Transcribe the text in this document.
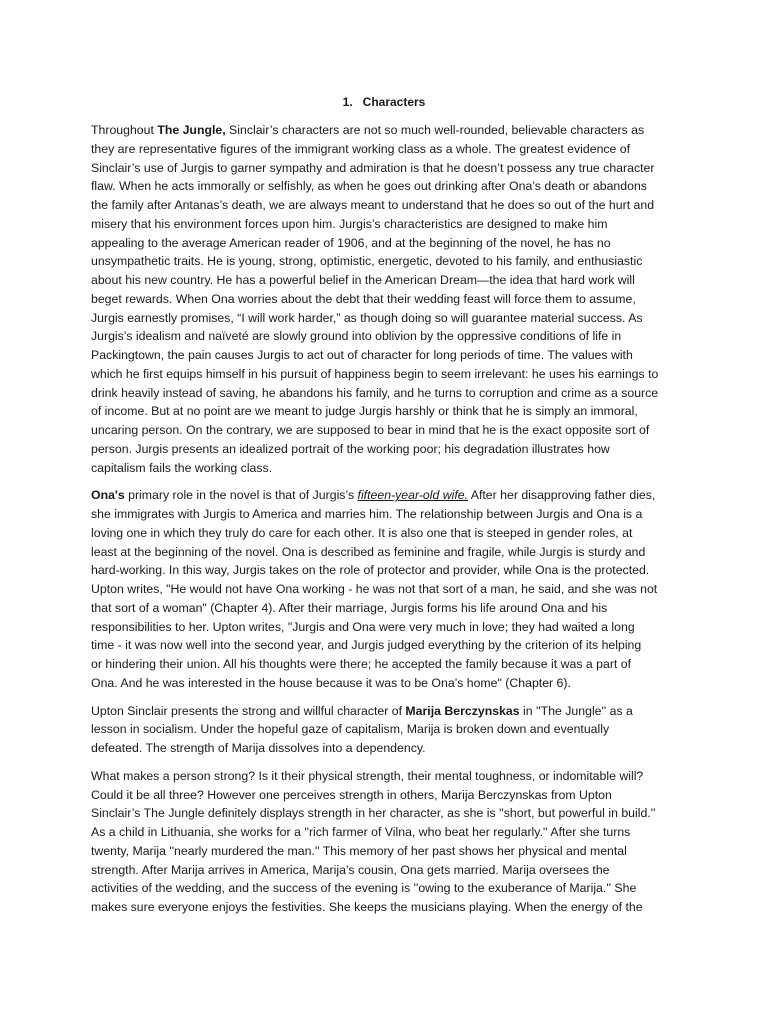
1. Characters

Throughout The Jungle, Sinclair’s characters are not so much well-rounded, believable characters as
they are representative figures of the immigrant working class as a whole. The greatest evidence of
Sinclair’s use of Jurgis to garner sympathy and admiration is that he doesn’t possess any true character
flaw. When he acts immorally or selfishly, as when he goes out drinking after Ona’s death or abandons
the family after Antanas’s death, we are always meant to understand that he does so out of the hurt and
misery that his environment forces upon him. Jurgis’s characteristics are designed to make him
appealing to the average American reader of 1906, and at the beginning of the novel, he has no
unsympathetic traits. He is young, strong, optimistic, energetic, devoted to his family, and enthusiastic
about his new country. He has a powerful belief in the American Dream—the idea that hard work will
beget rewards. When Ona worries about the debt that their wedding feast will force them to assume,
Jurgis earnestly promises, “I will work harder,” as though doing so will guarantee material success. As
Jurgis’s idealism and naïveté are slowly ground into oblivion by the oppressive conditions of life in
Packingtown, the pain causes Jurgis to act out of character for long periods of time. The values with
which he first equips himself in his pursuit of happiness begin to seem irrelevant: he uses his earnings to
drink heavily instead of saving, he abandons his family, and he turns to corruption and crime as a source
of income. But at no point are we meant to judge Jurgis harshly or think that he is simply an immoral,
uncaring person. On the contrary, we are supposed to bear in mind that he is the exact opposite sort of
person. Jurgis presents an idealized portrait of the working poor; his degradation illustrates how
capitalism fails the working class.

Ona's primary role in the novel is that of Jurgis’s fifteen-year-old wife. After her disapproving father dies,
she immigrates with Jurgis to America and marries him. The relationship between Jurgis and Ona is a
loving one in which they truly do care for each other. It is also one that is steeped in gender roles, at
least at the beginning of the novel. Ona is described as feminine and fragile, while Jurgis is sturdy and
hard-working. In this way, Jurgis takes on the role of protector and provider, while Ona is the protected.
Upton writes, "He would not have Ona working - he was not that sort of a man, he said, and she was not
that sort of a woman" (Chapter 4). After their marriage, Jurgis forms his life around Ona and his
responsibilities to her. Upton writes, "Jurgis and Ona were very much in love; they had waited a long
time - it was now well into the second year, and Jurgis judged everything by the criterion of its helping
or hindering their union. All his thoughts were there; he accepted the family because it was a part of
Ona. And he was interested in the house because it was to be Ona’s home" (Chapter 6).

Upton Sinclair presents the strong and willful character of Marija Berczynskas in ''The Jungle'' as a
lesson in socialism. Under the hopeful gaze of capitalism, Marija is broken down and eventually
defeated. The strength of Marija dissolves into a dependency.

What makes a person strong? Is it their physical strength, their mental toughness, or indomitable will?
Could it be all three? However one perceives strength in others, Marija Berczynskas from Upton
Sinclair’s The Jungle definitely displays strength in her character, as she is ''short, but powerful in build.''
As a child in Lithuania, she works for a ''rich farmer of Vilna, who beat her regularly.'' After she turns
twenty, Marija ''nearly murdered the man.'' This memory of her past shows her physical and mental
strength. After Marija arrives in America, Marija’s cousin, Ona gets married. Marija oversees the
activities of the wedding, and the success of the evening is ''owing to the exuberance of Marija.'' She
makes sure everyone enjoys the festivities. She keeps the musicians playing. When the energy of the
